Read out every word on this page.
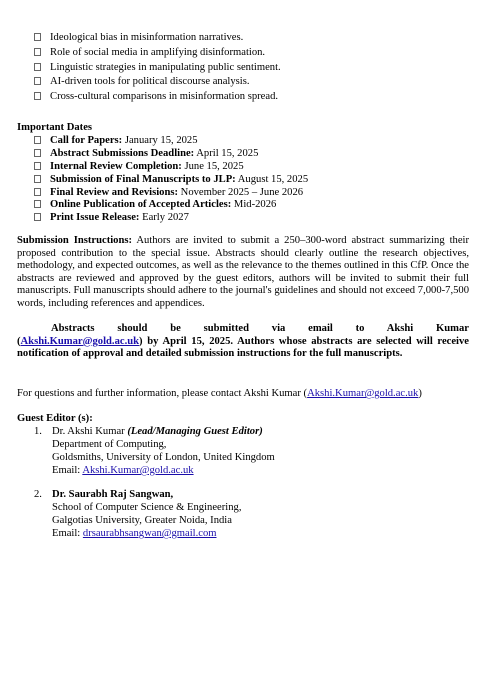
Ideological bias in misinformation narratives.
Role of social media in amplifying disinformation.
Linguistic strategies in manipulating public sentiment.
AI-driven tools for political discourse analysis.
Cross-cultural comparisons in misinformation spread.
Important Dates
Call for Papers: January 15, 2025
Abstract Submissions Deadline: April 15, 2025
Internal Review Completion: June 15, 2025
Submission of Final Manuscripts to JLP: August 15, 2025
Final Review and Revisions: November 2025 – June 2026
Online Publication of Accepted Articles: Mid-2026
Print Issue Release: Early 2027

Submission Instructions: Authors are invited to submit a 250–300-word abstract summarizing their proposed contribution to the special issue. Abstracts should clearly outline the research objectives, methodology, and expected outcomes, as well as the relevance to the themes outlined in this CfP. Once the abstracts are reviewed and approved by the guest editors, authors will be invited to submit their full manuscripts. Full manuscripts should adhere to the journal's guidelines and should not exceed 7,000-7,500 words, including references and appendices.

Abstracts should be submitted via email to Akshi Kumar
(Akshi.Kumar@gold.ac.uk) by April 15, 2025. Authors whose abstracts are selected will receive notification of approval and detailed submission instructions for the full manuscripts.

For questions and further information, please contact Akshi Kumar (Akshi.Kumar@gold.ac.uk)
Guest Editor (s):
1. Dr. Akshi Kumar (Lead/Managing Guest Editor)
Department of Computing,
Goldsmiths, University of London, United Kingdom
Email: Akshi.Kumar@gold.ac.uk
2. Dr. Saurabh Raj Sangwan,
School of Computer Science & Engineering,
Galgotias University, Greater Noida, India
Email: drsaurabhsangwan@gmail.com
